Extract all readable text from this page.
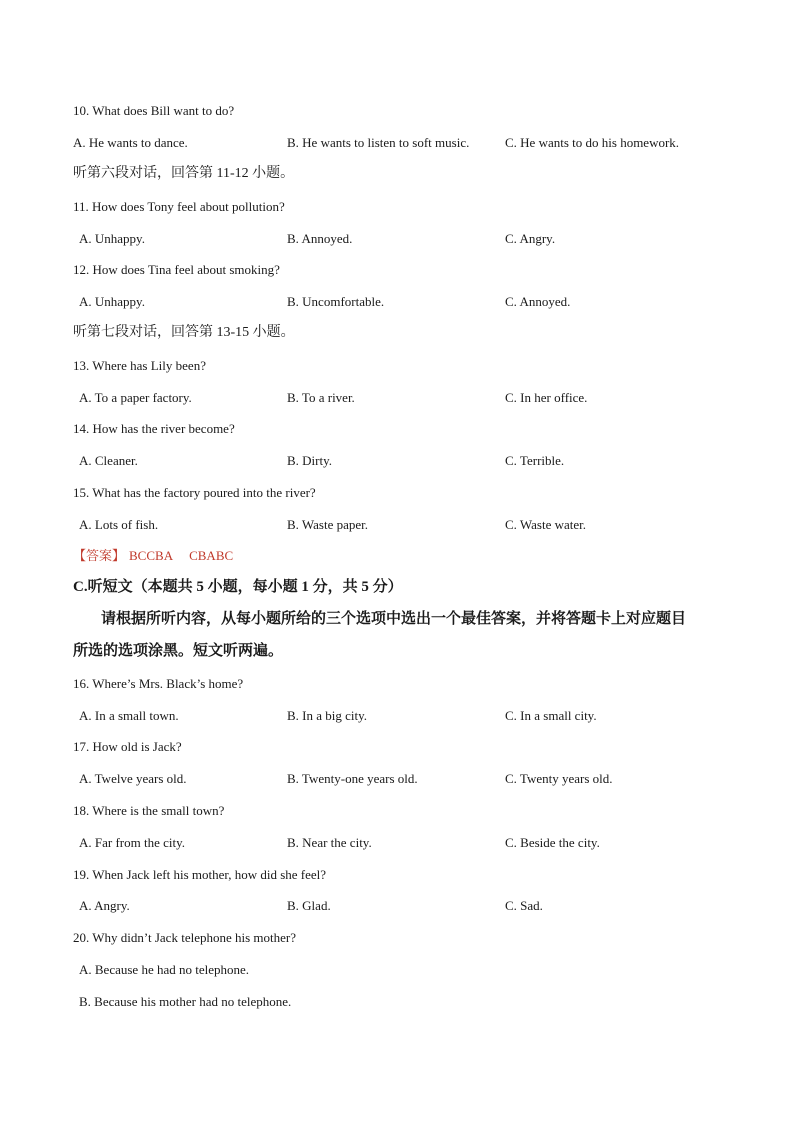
10. What does Bill want to do?
A. He wants to dance.	B. He wants to listen to soft music.	C. He wants to do his homework.
听第六段对话，回答第 11-12 小题。
11. How does Tony feel about pollution?
A. Unhappy.	B. Annoyed.	C. Angry.
12. How does Tina feel about smoking?
A. Unhappy.	B. Uncomfortable.	C. Annoyed.
听第七段对话，回答第 13-15 小题。
13. Where has Lily been?
A. To a paper factory.	B. To a river.	C. In her office.
14. How has the river become?
A. Cleaner.	B. Dirty.	C. Terrible.
15. What has the factory poured into the river?
A. Lots of fish.	B. Waste paper.	C. Waste water.
【答案】 BCCBA CBABC
C.听短文（本题共 5 小题，每小题 1 分，共 5 分）
请根据所听内容，从每小题所给的三个选项中选出一个最佳答案，并将答题卡上对应题目
所选的选项涂黑。短文听两遍。
16. Where’s Mrs. Black’s home?
A. In a small town.	B. In a big city.	C. In a small city.
17. How old is Jack?
A. Twelve years old.	B. Twenty-one years old.	C. Twenty years old.
18. Where is the small town?
A. Far from the city.	B. Near the city.	C. Beside the city.
19. When Jack left his mother, how did she feel?
A. Angry.	B. Glad.	C. Sad.
20. Why didn’t Jack telephone his mother?
A. Because he had no telephone.
B. Because his mother had no telephone.
